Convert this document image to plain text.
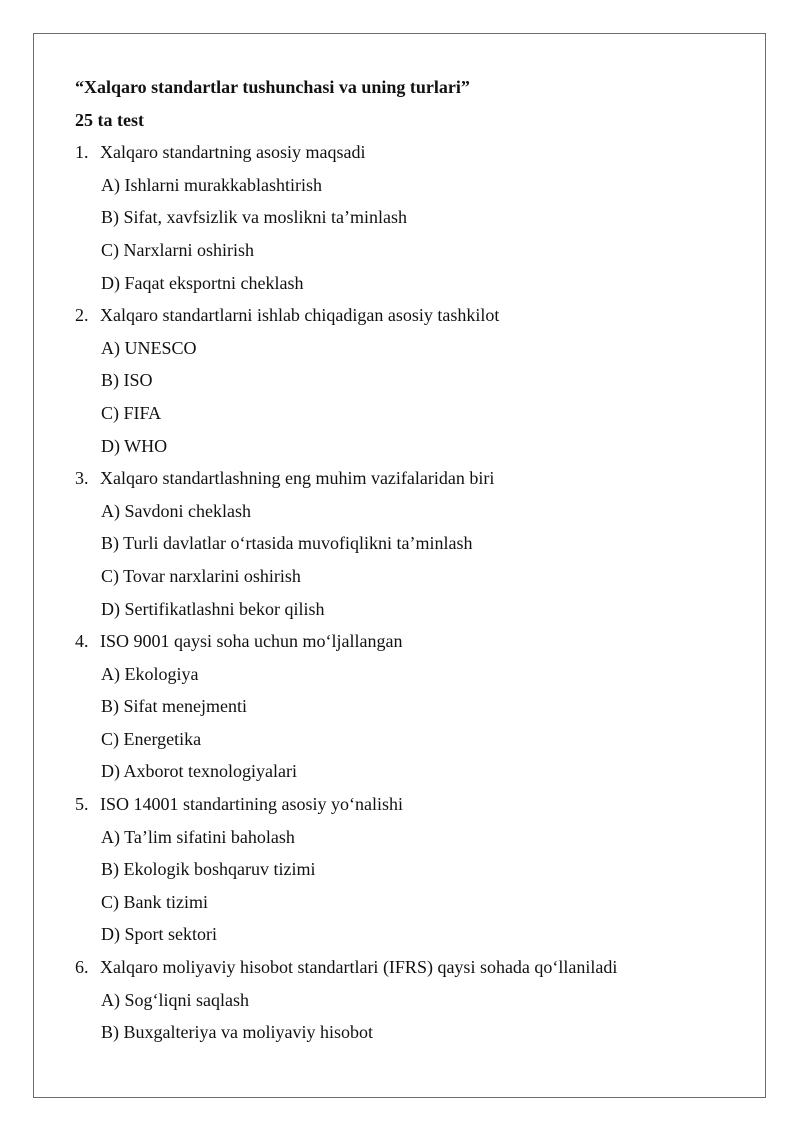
“Xalqaro standartlar tushunchasi va uning turlari”
25 ta test
1. Xalqaro standartning asosiy maqsadi
A) Ishlarni murakkablashtirish
B) Sifat, xavfsizlik va moslikni ta’minlash
C) Narxlarni oshirish
D) Faqat eksportni cheklash
2. Xalqaro standartlarni ishlab chiqadigan asosiy tashkilot
A) UNESCO
B) ISO
C) FIFA
D) WHO
3. Xalqaro standartlashning eng muhim vazifalaridan biri
A) Savdoni cheklash
B) Turli davlatlar o‘rtasida muvofiqlikni ta’minlash
C) Tovar narxlarini oshirish
D) Sertifikatlashni bekor qilish
4. ISO 9001 qaysi soha uchun mo‘ljallangan
A) Ekologiya
B) Sifat menejmenti
C) Energetika
D) Axborot texnologiyalari
5. ISO 14001 standartining asosiy yo‘nalishi
A) Ta’lim sifatini baholash
B) Ekologik boshqaruv tizimi
C) Bank tizimi
D) Sport sektori
6. Xalqaro moliyaviy hisobot standartlari (IFRS) qaysi sohada qo‘llaniladi
A) Sog‘liqni saqlash
B) Buxgalteriya va moliyaviy hisobot
